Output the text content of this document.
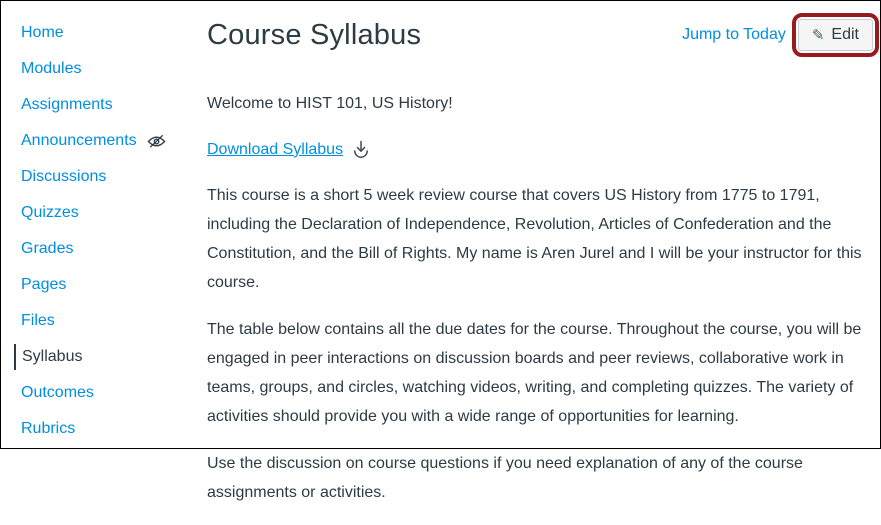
Home
Modules
Assignments
Announcements
Discussions
Quizzes
Grades
Pages
Files
Syllabus
Outcomes
Rubrics
Course Syllabus	Jump to Today ✎ Edit

Welcome to HIST 101, US History!

Download Syllabus

This course is a short 5 week review course that covers US History from 1775 to 1791, including the Declaration of Independence, Revolution, Articles of Confederation and the Constitution, and the Bill of Rights. My name is Aren Jurel and I will be your instructor for this course.

The table below contains all the due dates for the course. Throughout the course, you will be engaged in peer interactions on discussion boards and peer reviews, collaborative work in teams, groups, and circles, watching videos, writing, and completing quizzes. The variety of activities should provide you with a wide range of opportunities for learning.

Use the discussion on course questions if you need explanation of any of the course assignments or activities.
